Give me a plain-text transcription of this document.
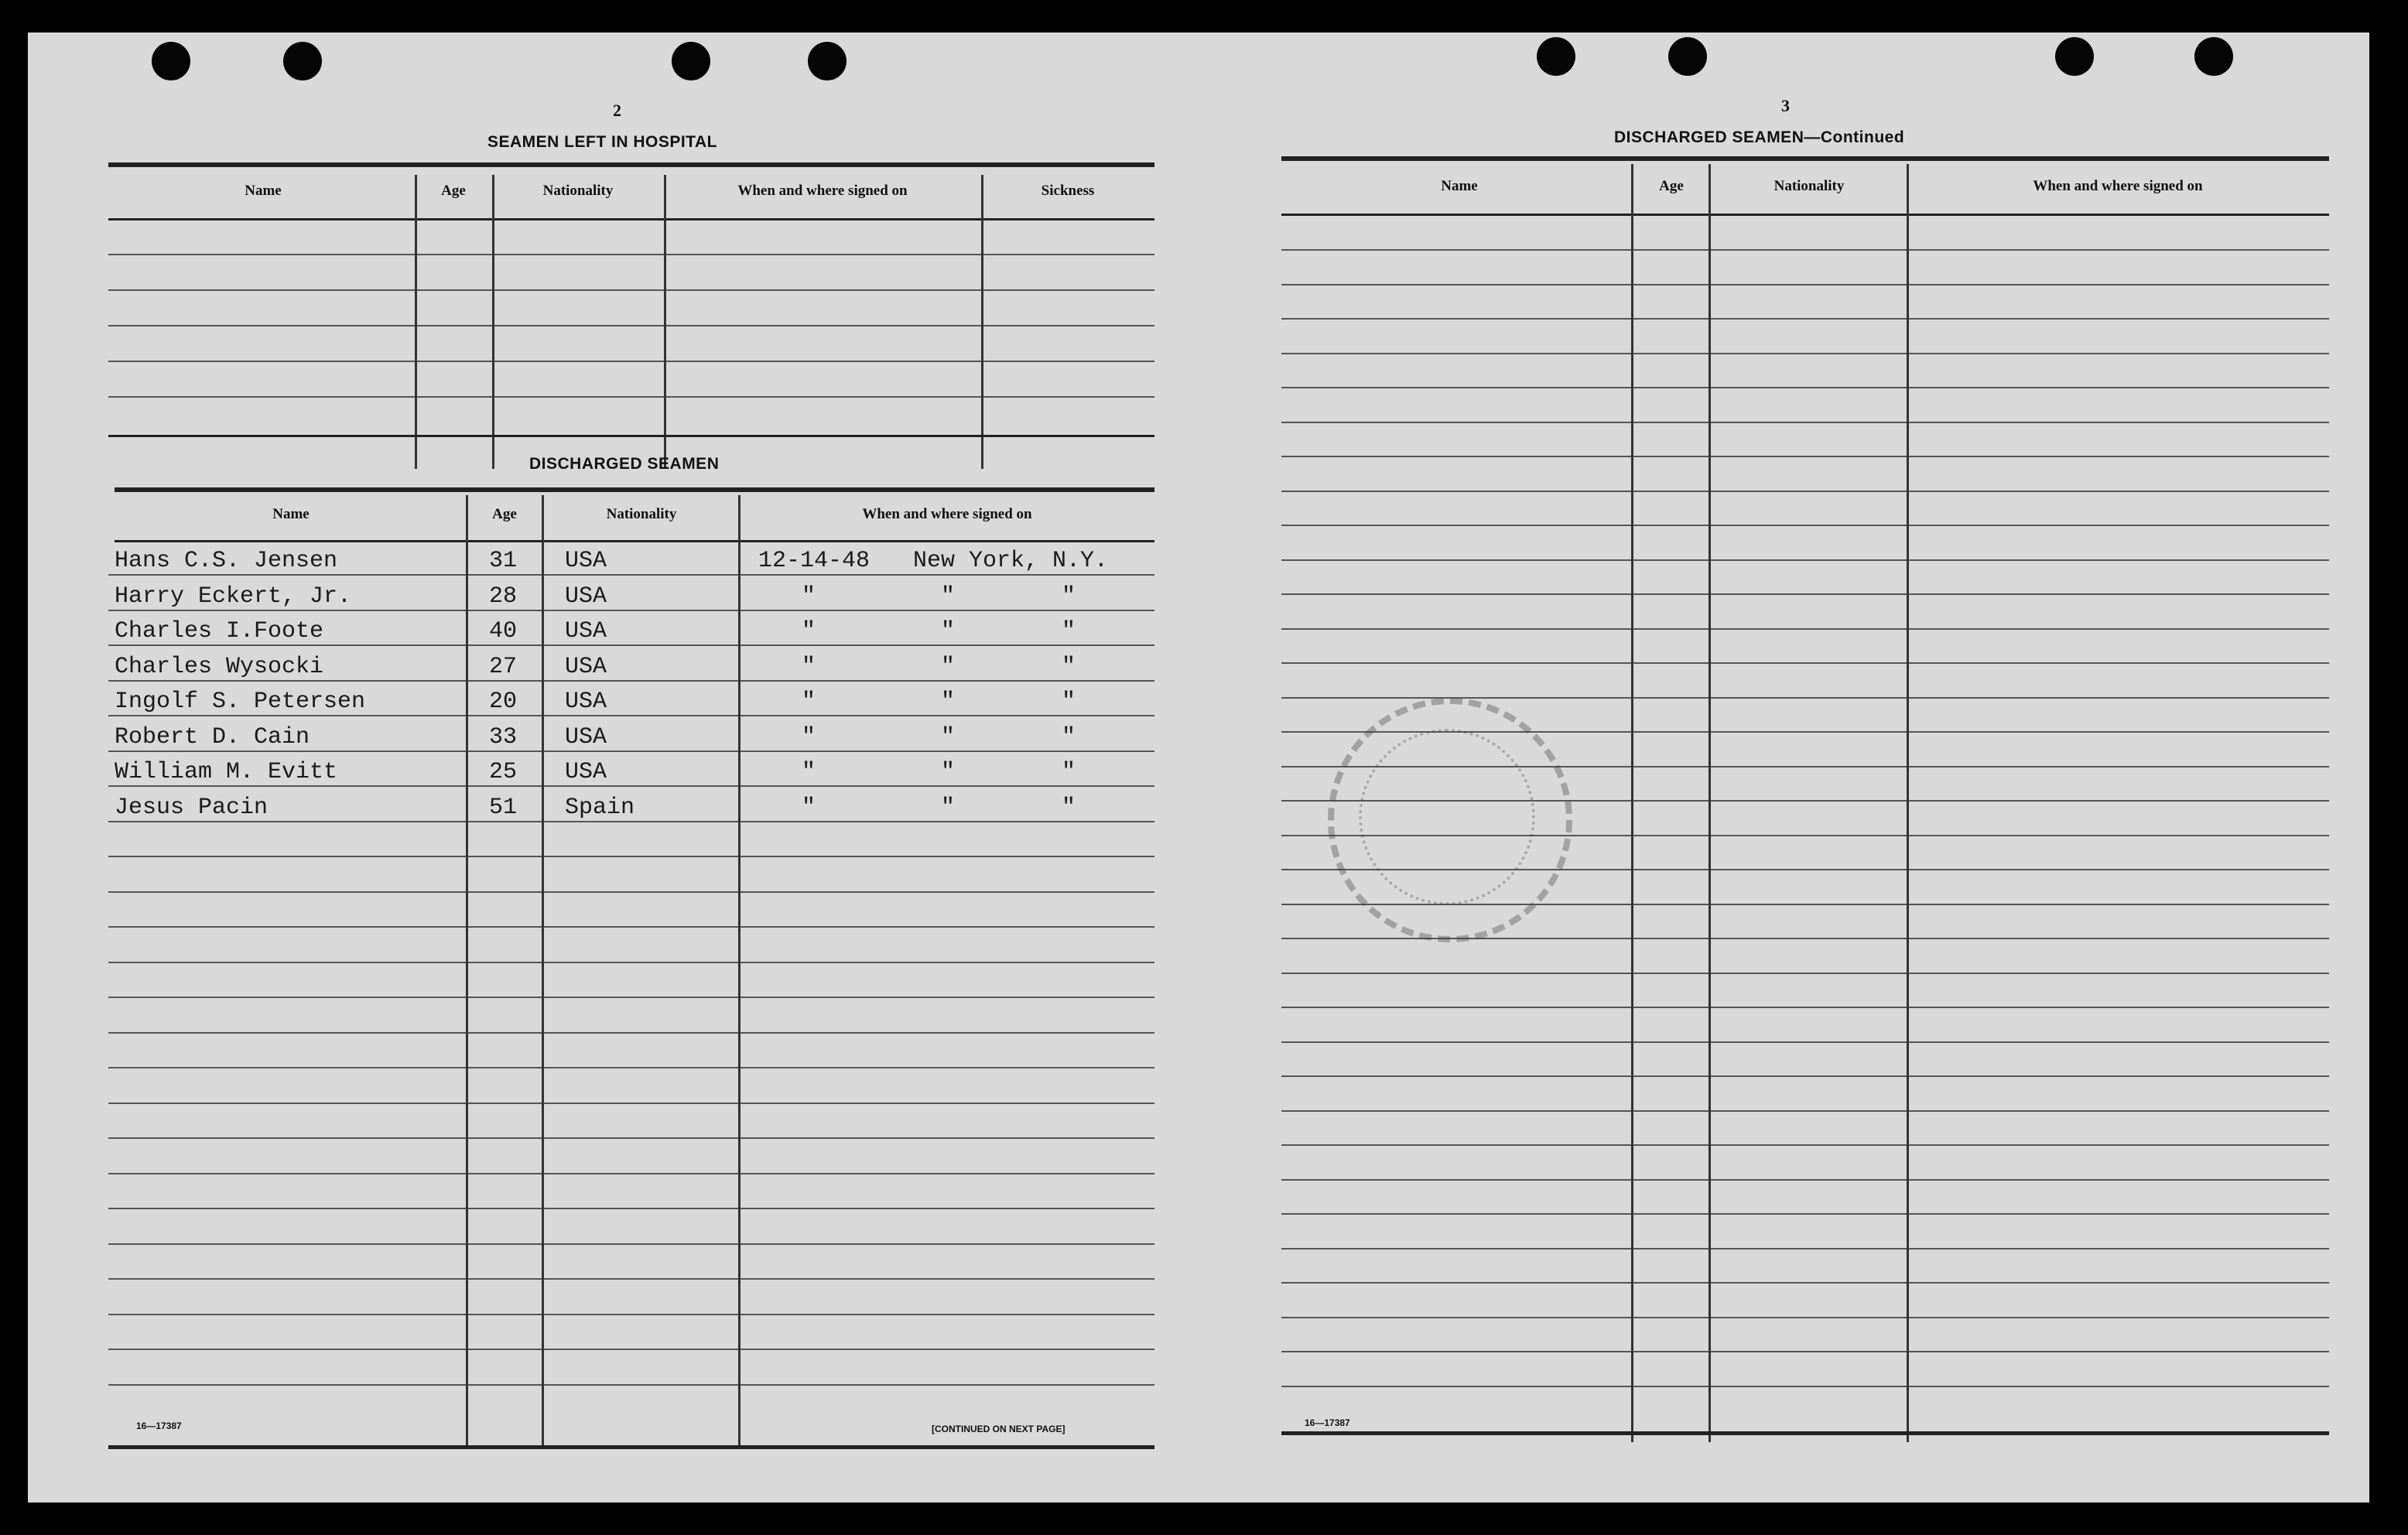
2
SEAMEN LEFT IN HOSPITAL
Name	Age	Nationality	When and where signed on	Sickness
DISCHARGED SEAMEN
Name	Age	Nationality	When and where signed on
Hans C.S. Jensen	31 USA	12-14-48 New York, N.Y.
Harry Eckert, Jr.	28 USA	"	"	"
Charles I.Foote	40 USA	"	"	"
Charles Wysocki	27 USA	"	"	"
Ingolf S. Petersen	20 USA	"	"	"
Robert D. Cain	33 USA	"	"	"
William M. Evitt	25 USA	"	"	"
Jesus Pacin	51 Spain	"	"	"
16—17387	[CONTINUED ON NEXT PAGE]
3
DISCHARGED SEAMEN—Continued
Name	Age	Nationality	When and where signed on
16—17387
